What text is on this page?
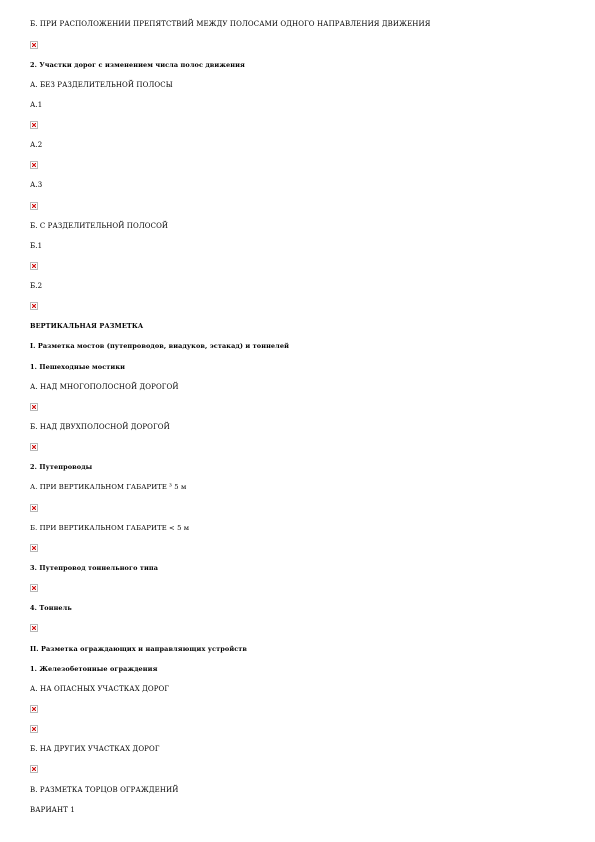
Б. ПРИ РАСПОЛОЖЕНИИ ПРЕПЯТСТВИЙ МЕЖДУ ПОЛОСАМИ ОДНОГО НАПРАВЛЕНИЯ ДВИЖЕНИЯ
2. Участки дорог с изменением числа полос движения
А. БЕЗ РАЗДЕЛИТЕЛЬНОЙ ПОЛОСЫ
А.1
А.2
А.3
Б. С РАЗДЕЛИТЕЛЬНОЙ ПОЛОСОЙ
Б.1
Б.2
ВЕРТИКАЛЬНАЯ РАЗМЕТКА
I. Разметка мостов (путепроводов, виадуков, эстакад) и тоннелей
1. Пешеходные мостики
А. НАД МНОГОПОЛОСНОЙ ДОРОГОЙ
Б. НАД ДВУХПОЛОСНОЙ ДОРОГОЙ
2. Путепроводы
А. ПРИ ВЕРТИКАЛЬНОМ ГАБАРИТЕ ³ 5 м
Б. ПРИ ВЕРТИКАЛЬНОМ ГАБАРИТЕ < 5 м
3. Путепровод тоннельного типа
4. Тоннель
II. Разметка ограждающих и направляющих устройств
1. Железобетонные ограждения
А. НА ОПАСНЫХ УЧАСТКАХ ДОРОГ
Б. НА ДРУГИХ УЧАСТКАХ ДОРОГ
В. РАЗМЕТКА ТОРЦОВ ОГРАЖДЕНИЙ
ВАРИАНТ 1
